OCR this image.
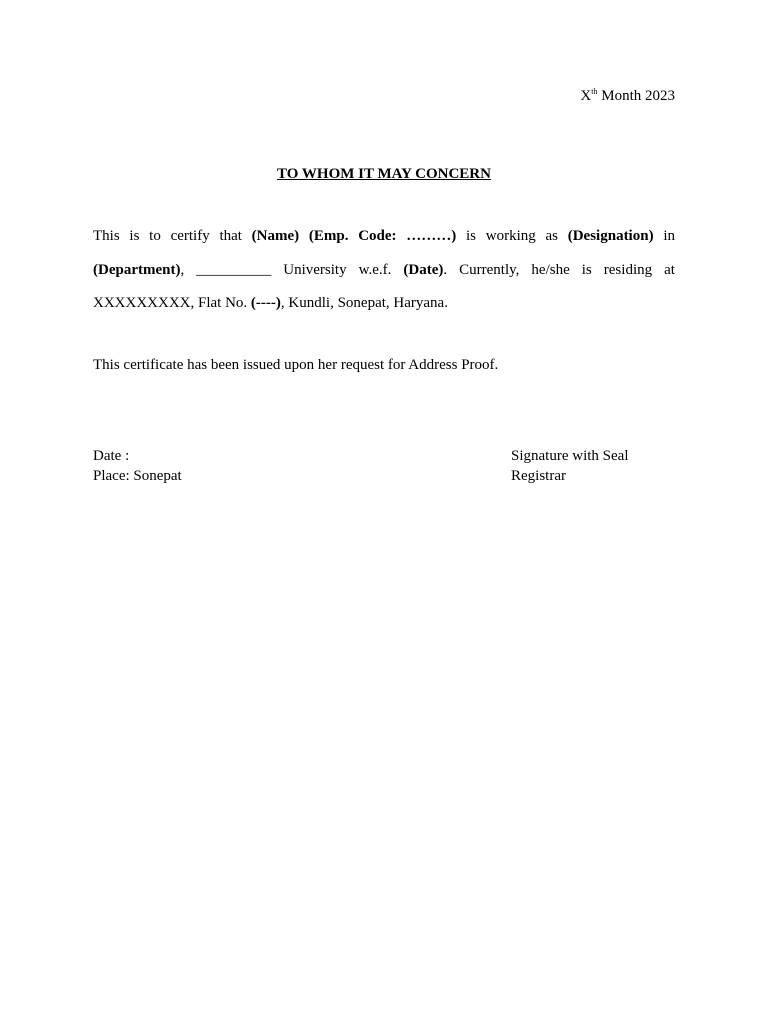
Xth Month 2023
TO WHOM IT MAY CONCERN
This is to certify that (Name) (Emp. Code: ………) is working as (Designation) in
(Department), __________ University w.e.f. (Date). Currently, he/she is residing at
XXXXXXXXX, Flat No. (----), Kundli, Sonepat, Haryana.
This certificate has been issued upon her request for Address Proof.
Date :
Place: Sonepat
Signature with Seal
Registrar
